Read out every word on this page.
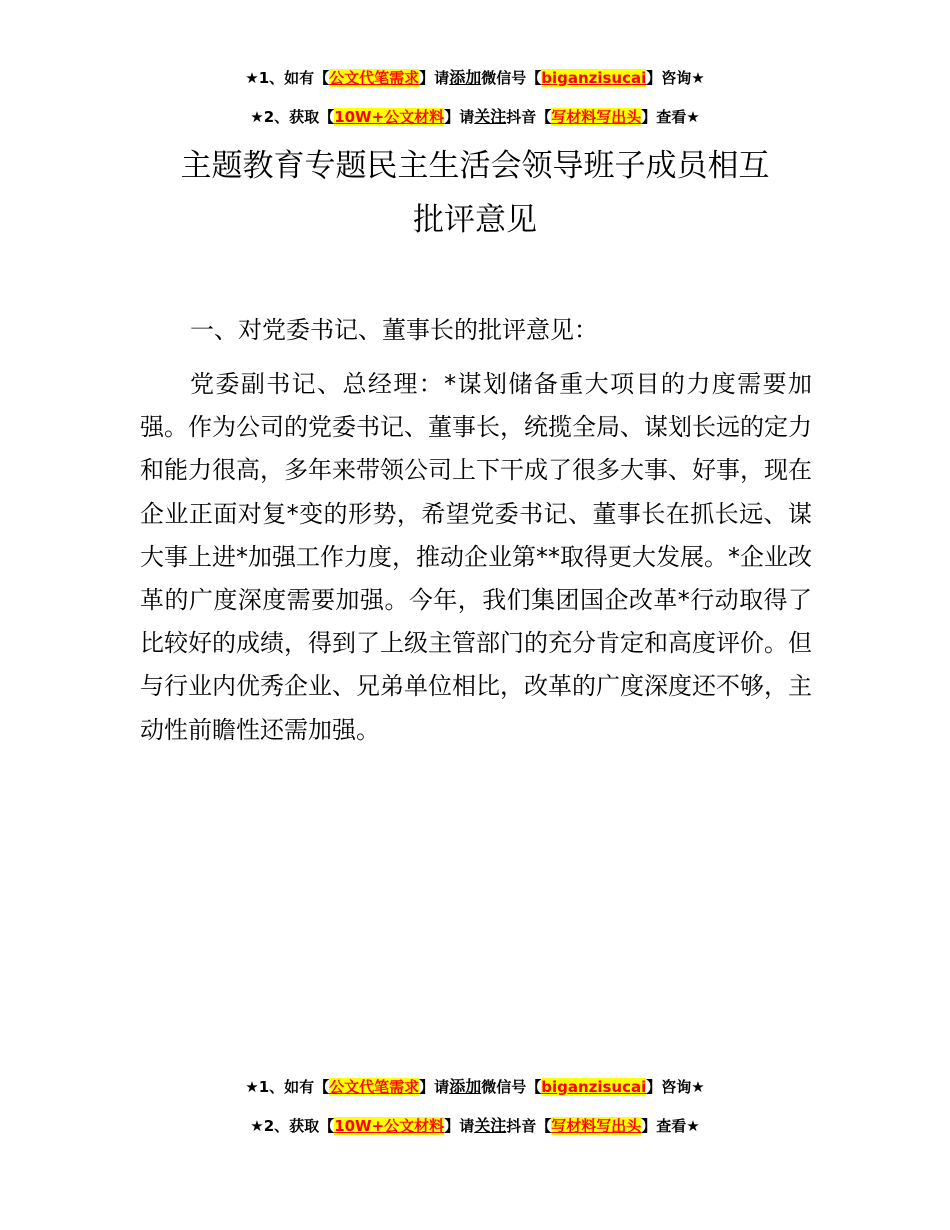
★1、如有【公文代笔需求】请添加微信号【biganzisucai】咨询★
★2、获取【10W+公文材料】请关注抖音【写材料写出头】查看★
主题教育专题民主生活会领导班子成员相互
批评意见
一、对党委书记、董事长的批评意见：

党委副书记、总经理：*谋划储备重大项目的力度需要加强。作为公司的党委书记、董事长，统揽全局、谋划长远的定力和能力很高，多年来带领公司上下干成了很多大事、好事，现在企业正面对复*变的形势，希望党委书记、董事长在抓长远、谋大事上进*加强工作力度，推动企业第**取得更大发展。*企业改革的广度深度需要加强。今年，我们集团国企改革*行动取得了比较好的成绩，得到了上级主管部门的充分肯定和高度评价。但与行业内优秀企业、兄弟单位相比，改革的广度深度还不够，主动性前瞻性还需加强。

★1、如有【公文代笔需求】请添加微信号【biganzisucai】咨询★
★2、获取【10W+公文材料】请关注抖音【写材料写出头】查看★
